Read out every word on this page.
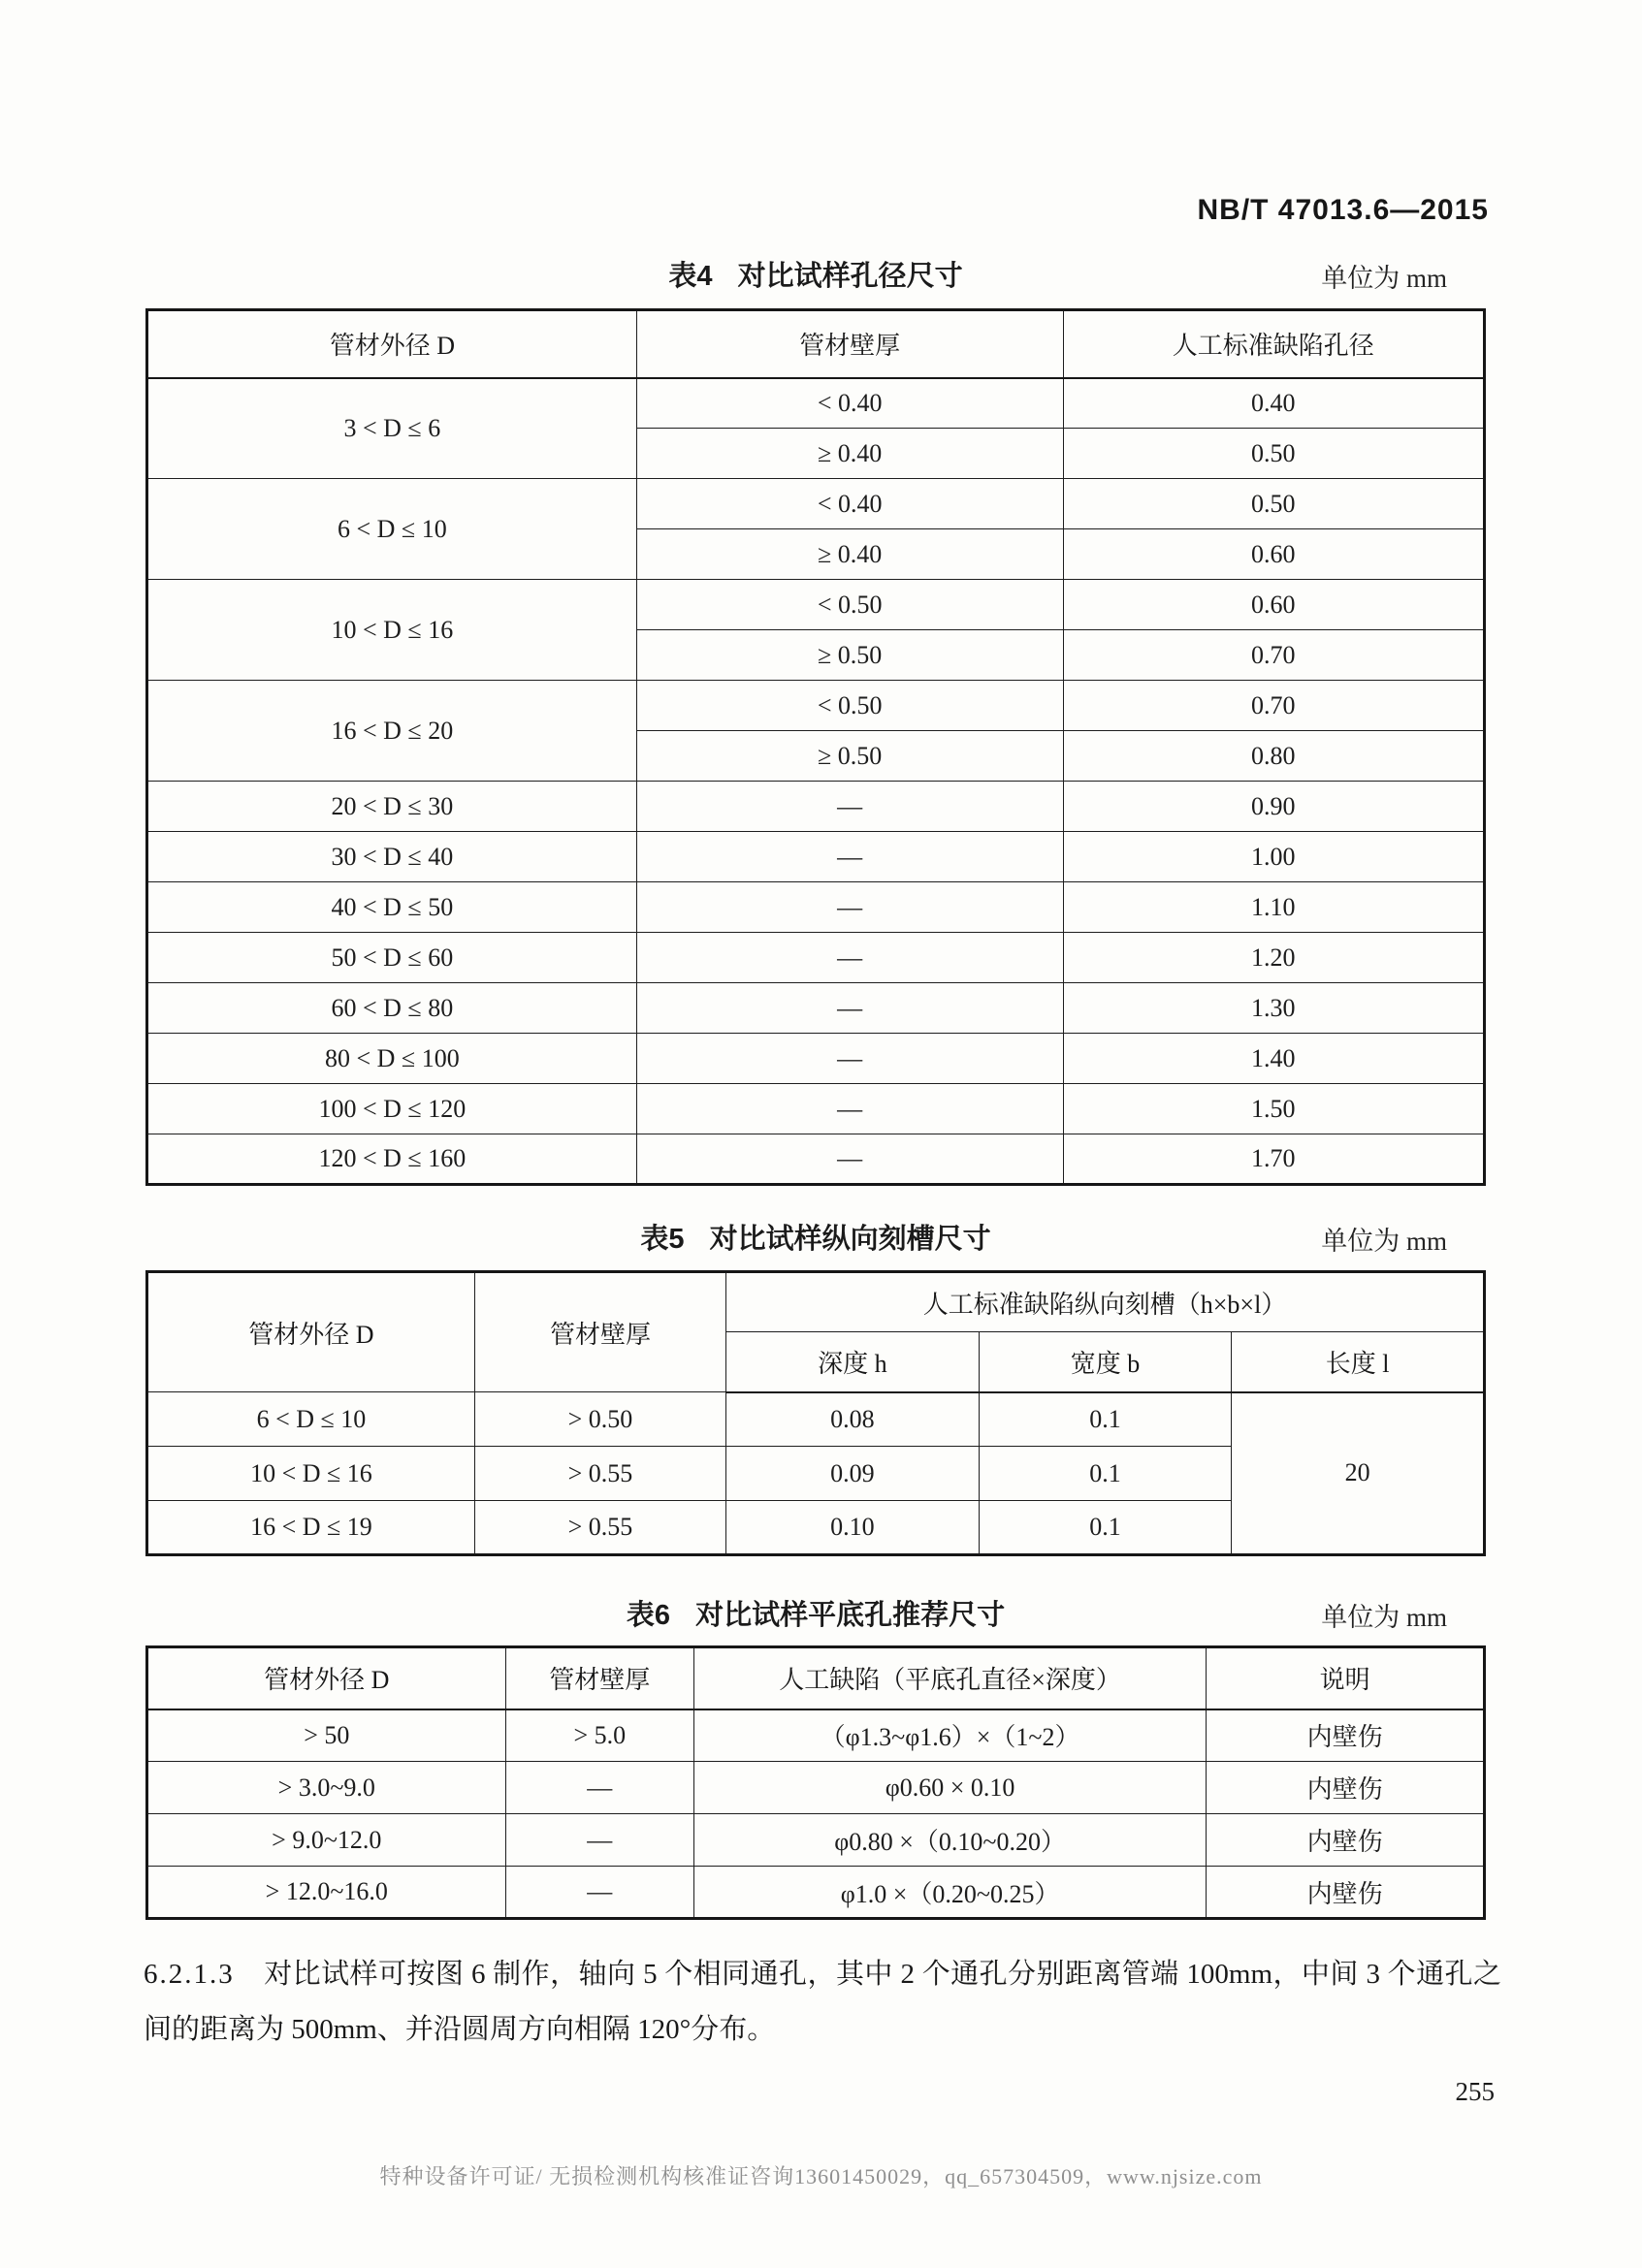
NB/T 47013.6—2015
表4 对比试样孔径尺寸	单位为 mm
管材外径 D	管材壁厚	人工标准缺陷孔径
3 < D ≤ 6	< 0.40	0.40
	≥ 0.40	0.50
6 < D ≤ 10	< 0.40	0.50
	≥ 0.40	0.60
10 < D ≤ 16	< 0.50	0.60
	≥ 0.50	0.70
16 < D ≤ 20	< 0.50	0.70
	≥ 0.50	0.80
20 < D ≤ 30	—	0.90
30 < D ≤ 40	—	1.00
40 < D ≤ 50	—	1.10
50 < D ≤ 60	—	1.20
60 < D ≤ 80	—	1.30
80 < D ≤ 100	—	1.40
100 < D ≤ 120	—	1.50
120 < D ≤ 160	—	1.70
表5 对比试样纵向刻槽尺寸	单位为 mm
管材外径 D	管材壁厚	人工标准缺陷纵向刻槽（h×b×l）		
		深度 h	宽度 b	长度 l
6 < D ≤ 10	> 0.50	0.08	0.1	20
10 < D ≤ 16	> 0.55	0.09	0.1	
16 < D ≤ 19	> 0.55	0.10	0.1	
表6 对比试样平底孔推荐尺寸	单位为 mm
管材外径 D	管材壁厚	人工缺陷（平底孔直径×深度）	说明
> 50	> 5.0	（φ1.3~φ1.6）×（1~2）	内壁伤
> 3.0~9.0	—	φ0.60 × 0.10	内壁伤
> 9.0~12.0	—	φ0.80 ×（0.10~0.20）	内壁伤
> 12.0~16.0	—	φ1.0 ×（0.20~0.25）	内壁伤
6.2.1.3 对比试样可按图 6 制作，轴向 5 个相同通孔，其中 2 个通孔分别距离管端 100mm，中间 3 个通孔之间的距离为 500mm、并沿圆周方向相隔 120°分布。
255
特种设备许可证/ 无损检测机构核准证咨询13601450029，qq_657304509，www.njsize.com
